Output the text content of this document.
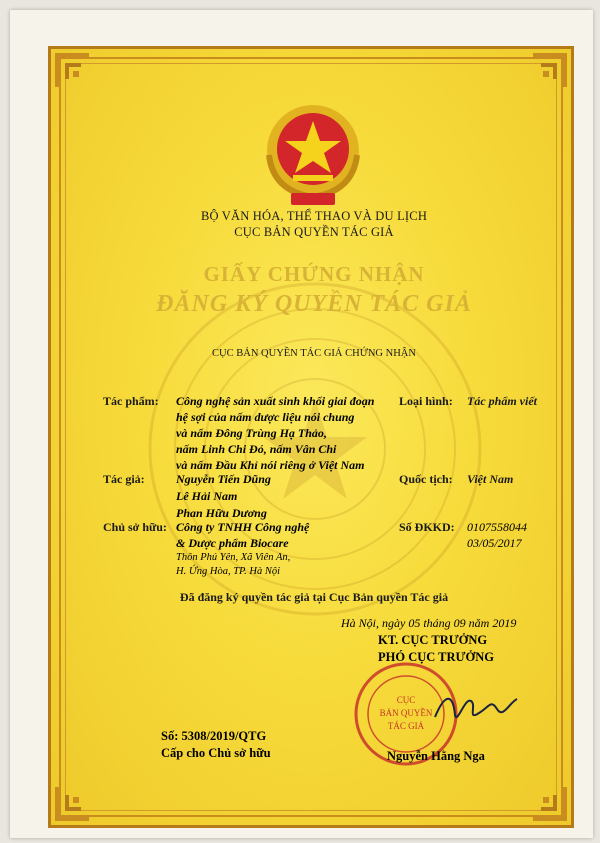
BỘ VĂN HÓA, THỂ THAO VÀ DU LỊCH
CỤC BẢN QUYỀN TÁC GIẢ
GIẤY CHỨNG NHẬN
ĐĂNG KÝ QUYỀN TÁC GIẢ
CỤC BẢN QUYỀN TÁC GIẢ CHỨNG NHẬN
Tác phẩm: Công nghệ sản xuất sinh khối giai đoạn
hệ sợi của nấm dược liệu nói chung
và nấm Đông Trùng Hạ Thảo,
nấm Linh Chi Đỏ, nấm Vân Chi
và nấm Đầu Khỉ nói riêng ở Việt Nam
Loại hình: Tác phẩm viết
Tác giả:	Nguyễn Tiến Dũng
Lê Hải Nam
Phan Hữu Dương
Quốc tịch: Việt Nam
Chủ sở hữu: Công ty TNHH Công nghệ
& Dược phẩm Biocare
Thôn Phú Yên, Xã Viên An,
H. Ứng Hòa, TP. Hà Nội
Số ĐKKD: 0107558044
03/05/2017
Đã đăng ký quyền tác giả tại Cục Bản quyền Tác giả
Hà Nội, ngày 05 tháng 09 năm 2019
KT. CỤC TRƯỞNG
PHÓ CỤC TRƯỞNG
CỤC
BẢN QUYỀN
TÁC GIẢ
Nguyễn Hằng Nga
Số: 5308/2019/QTG
Cấp cho Chủ sở hữu
